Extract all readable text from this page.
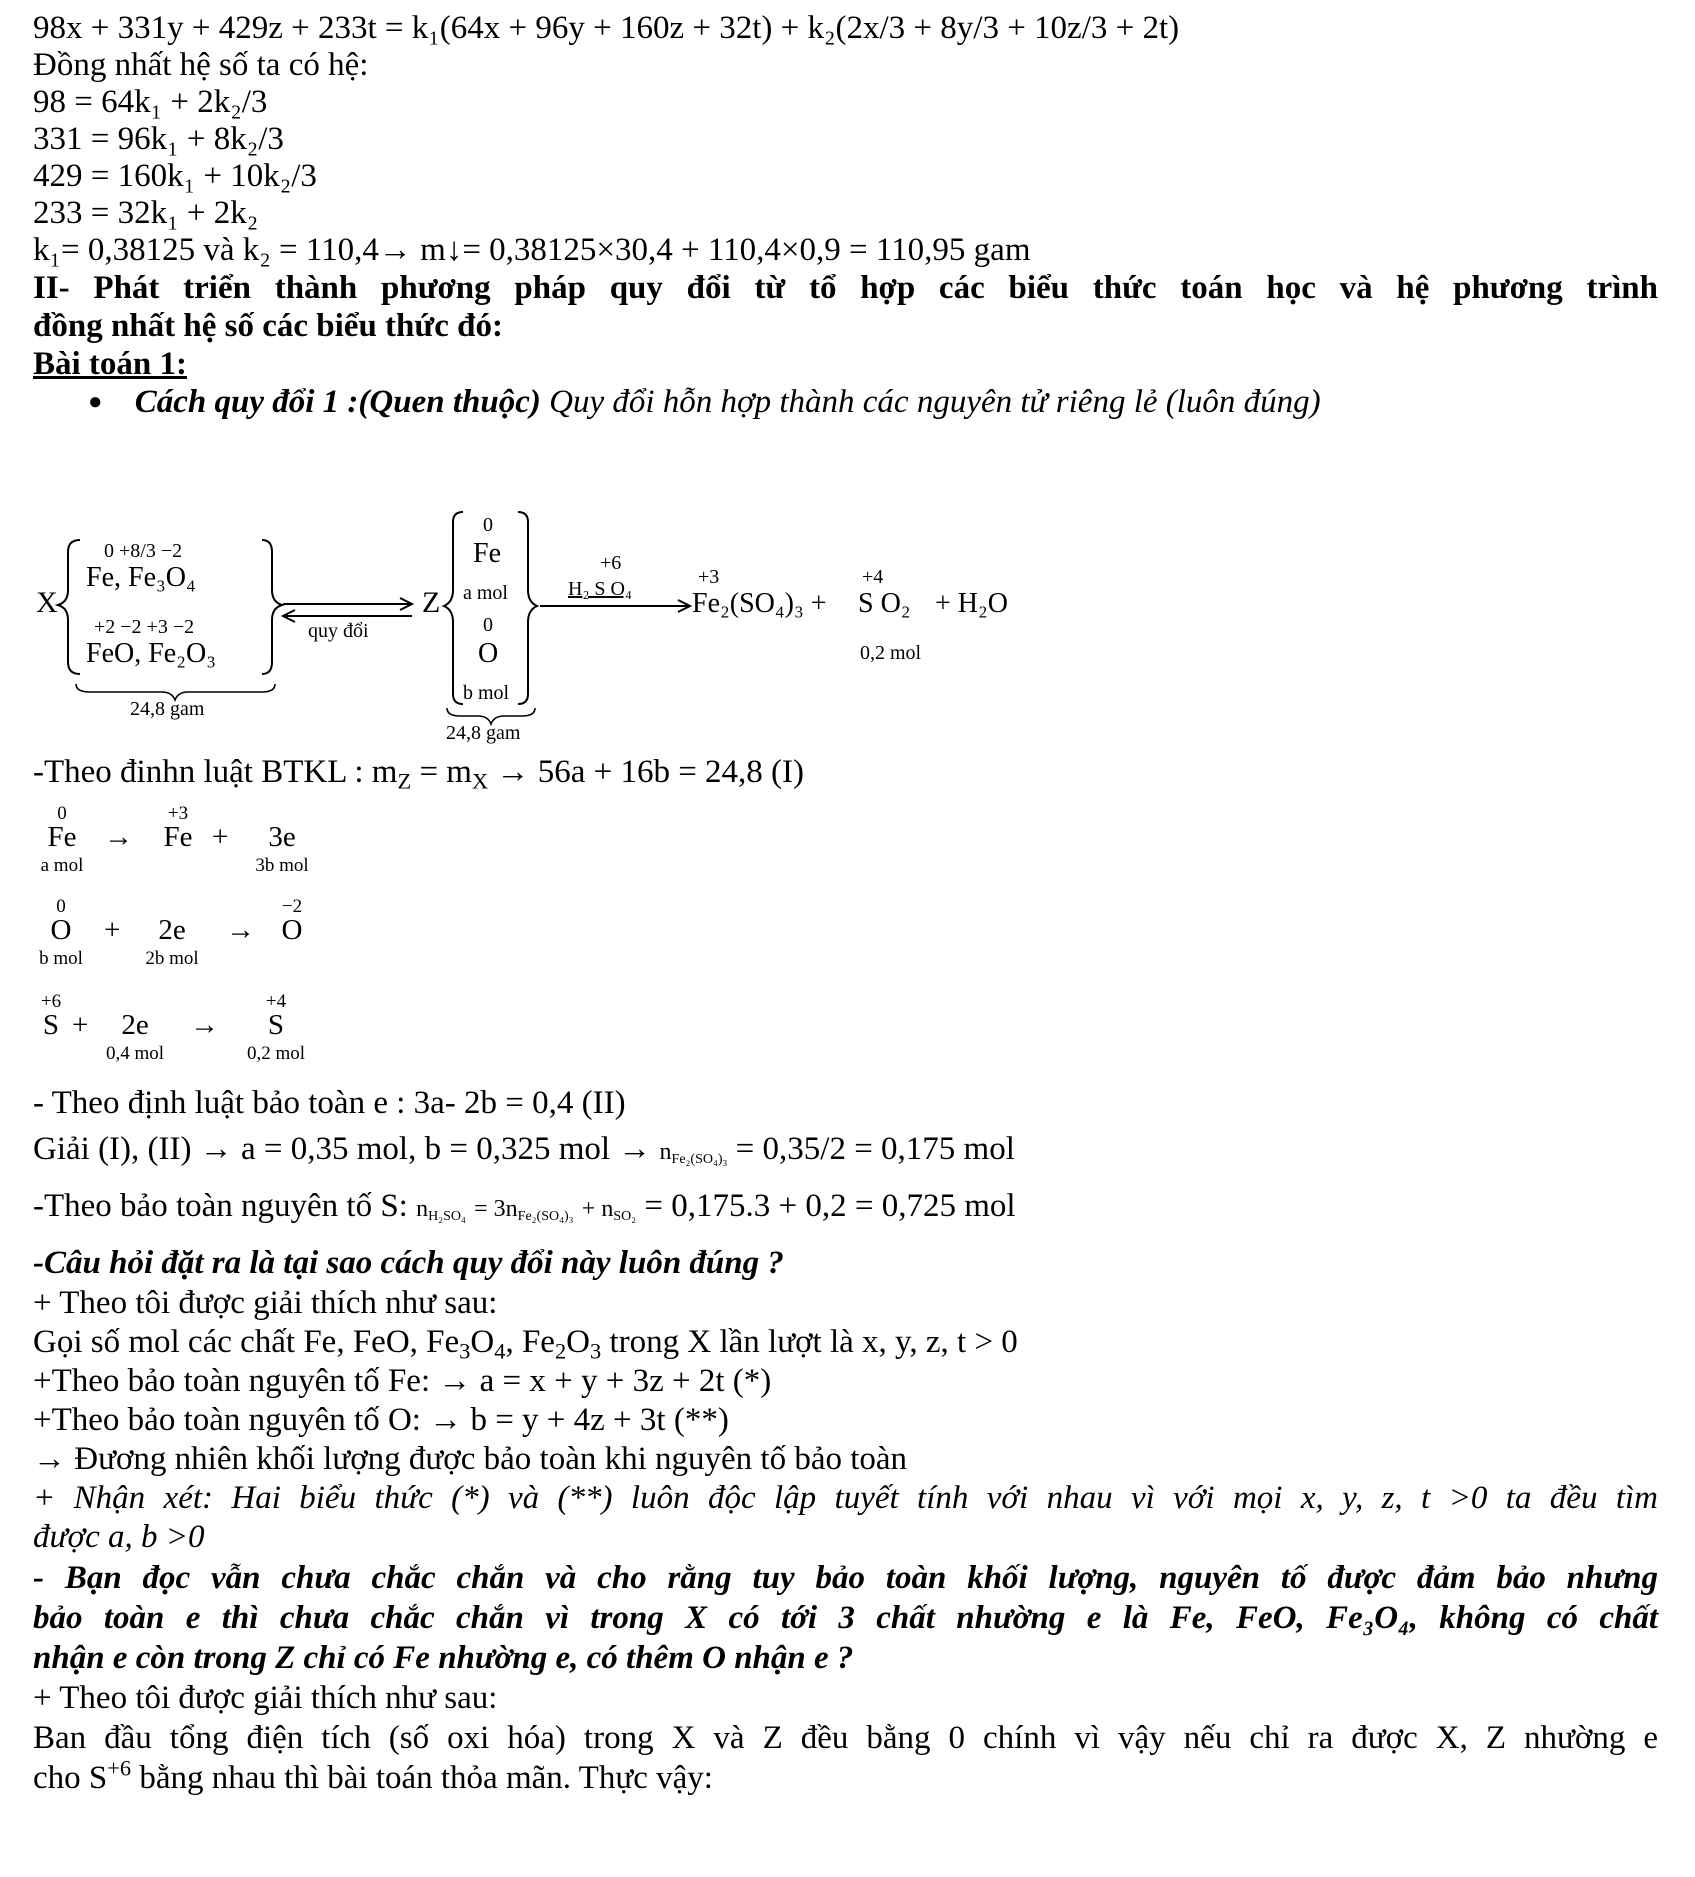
98x + 331y + 429z + 233t = k₁(64x + 96y + 160z + 32t) + k₂(2x/3 + 8y/3 + 10z/3 + 2t)
Đồng nhất hệ số ta có hệ:
98 = 64k₁ + 2k₂/3
331 = 96k₁ + 8k₂/3
429 = 160k₁ + 10k₂/3
233 = 32k₁ + 2k₂
k₁= 0,38125 và k₂ = 110,4→ m↓= 0,38125×30,4 + 110,4×0,9 = 110,95 gam
II- Phát triển thành phương pháp quy đổi từ tổ hợp các biểu thức toán học và hệ phương trình
đồng nhất hệ số các biểu thức đó:
Bài toán 1:
● Cách quy đổi 1 :(Quen thuộc) Quy đổi hỗn hợp thành các nguyên tử riêng lẻ (luôn đúng)
X
0 +8/3 −2
Fe, Fe₃O₄
+2 −2 +3 −2
FeO, Fe₂O₃
24,8 gam
quy đổi
Z
0
Fe
a mol
0
O
b mol
24,8 gam
+6
H₂ S O₄
+3
Fe₂(SO₄)₃ +
+4
S O₂ + H₂O
0,2 mol
-Theo đinhn luật BTKL : $m_Z = m_X \to 56a + 16b = 24,8$ (I)
0
Fe
a mol
→
+3
Fe +	3e
3b mol
0
O
b mol
+	2e
2b mol
→
−2
O
+6
S +	2e
0,4 mol
→
+4
S
0,2 mol
- Theo định luật bảo toàn e : 3a- 2b = 0,4 (II)
Giải (I), (II) → a = 0,35 mol, b = 0,325 mol → $n_{Fe_2(SO_4)_3} = 0,35/2 = 0,175$ mol
-Theo bảo toàn nguyên tố S: $n_{H_2SO_4} = 3n_{Fe_2(SO_4)_3} + n_{SO_2} = 0,175.3 + 0,2 = 0,725$ mol
-Câu hỏi đặt ra là tại sao cách quy đổi này luôn đúng ?
+ Theo tôi được giải thích như sau:
Gọi số mol các chất Fe, FeO, $Fe_3O_4$, $Fe_2O_3$ trong X lần lượt là x, y, z, t > 0
+Theo bảo toàn nguyên tố Fe: → a = x + y + 3z + 2t (*)
+Theo bảo toàn nguyên tố O: → b = y + 4z + 3t (**)
→ Đương nhiên khối lượng được bảo toàn khi nguyên tố bảo toàn
+ Nhận xét: Hai biểu thức (*) và (**) luôn độc lập tuyết tính với nhau vì với mọi x, y, z, t >0 ta đều tìm
được a, b >0
- Bạn đọc vẫn chưa chắc chắn và cho rằng tuy bảo toàn khối lượng, nguyên tố được đảm bảo nhưng
bảo toàn e thì chưa chắc chắn vì trong X có tới 3 chất nhường e là Fe, FeO, Fe₃O₄, không có chất
nhận e còn trong Z chỉ có Fe nhường e, có thêm O nhận e ?
+ Theo tôi được giải thích như sau:
Ban đầu tổng điện tích (số oxi hóa) trong X và Z đều bằng 0 chính vì vậy nếu chỉ ra được X, Z nhường e
cho $S^{+6}$ bằng nhau thì bài toán thỏa mãn. Thực vậy:
